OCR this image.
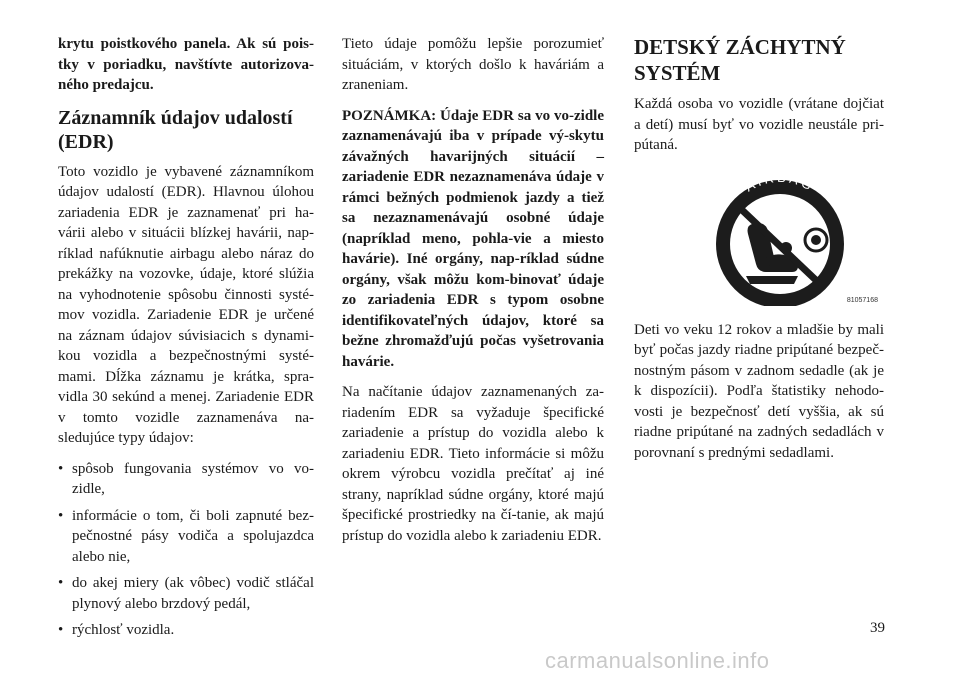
krytu poistkového panela. Ak sú pois-tky v poriadku, navštívte autorizova-ného predajcu.

Záznamník údajov udalostí (EDR)

Toto vozidlo je vybavené záznamníkom údajov udalostí (EDR). Hlavnou úlohou zariadenia EDR je zaznamenať pri ha-várii alebo v situácii blízkej havárii, nap-ríklad nafúknutie airbagu alebo náraz do prekážky na vozovke, údaje, ktoré slúžia na vyhodnotenie spôsobu činnosti systé-mov vozidla. Zariadenie EDR je určené na záznam údajov súvisiacich s dynami-kou vozidla a bezpečnostnými systé-mami. Dĺžka záznamu je krátka, spra-vidla 30 sekúnd a menej. Zariadenie EDR v tomto vozidle zaznamenáva na-sledujúce typy údajov:

• spôsob fungovania systémov vo vo-zidle,
• informácie o tom, či boli zapnuté bez-pečnostné pásy vodiča a spolujazdca alebo nie,
• do akej miery (ak vôbec) vodič stláčal plynový alebo brzdový pedál,
• rýchlosť vozidla.

Tieto údaje pomôžu lepšie porozumieť situáciám, v ktorých došlo k haváriám a zraneniam.

POZNÁMKA: Údaje EDR sa vo vo-zidle zaznamenávajú iba v prípade vý-skytu závažných havarijných situácií – zariadenie EDR nezaznamenáva údaje v rámci bežných podmienok jazdy a tiež sa nezaznamenávajú osobné údaje (napríklad meno, pohla-vie a miesto havárie). Iné orgány, nap-ríklad súdne orgány, však môžu kom-binovať údaje zo zariadenia EDR s typom osobne identifikovateľných údajov, ktoré sa bežne zhromažďujú počas vyšetrovania havárie.

Na načítanie údajov zaznamenaných za-riadením EDR sa vyžaduje špecifické zariadenie a prístup do vozidla alebo k zariadeniu EDR. Tieto informácie si môžu okrem výrobcu vozidla prečítať aj iné strany, napríklad súdne orgány, ktoré majú špecifické prostriedky na čí-tanie, ak majú prístup do vozidla alebo k zariadeniu EDR.

DETSKÝ ZÁCHYTNÝ SYSTÉM

Každá osoba vo vozidle (vrátane dojčiat a detí) musí byť vo vozidle neustále pri-pútaná.

AIRBAG
81057168

Deti vo veku 12 rokov a mladšie by mali byť počas jazdy riadne pripútané bezpeč-nostným pásom v zadnom sedadle (ak je k dispozícii). Podľa štatistiky nehodo-vosti je bezpečnosť detí vyššia, ak sú riadne pripútané na zadných sedadlách v porovnaní s prednými sedadlami.

39
carmanualsonline.info
